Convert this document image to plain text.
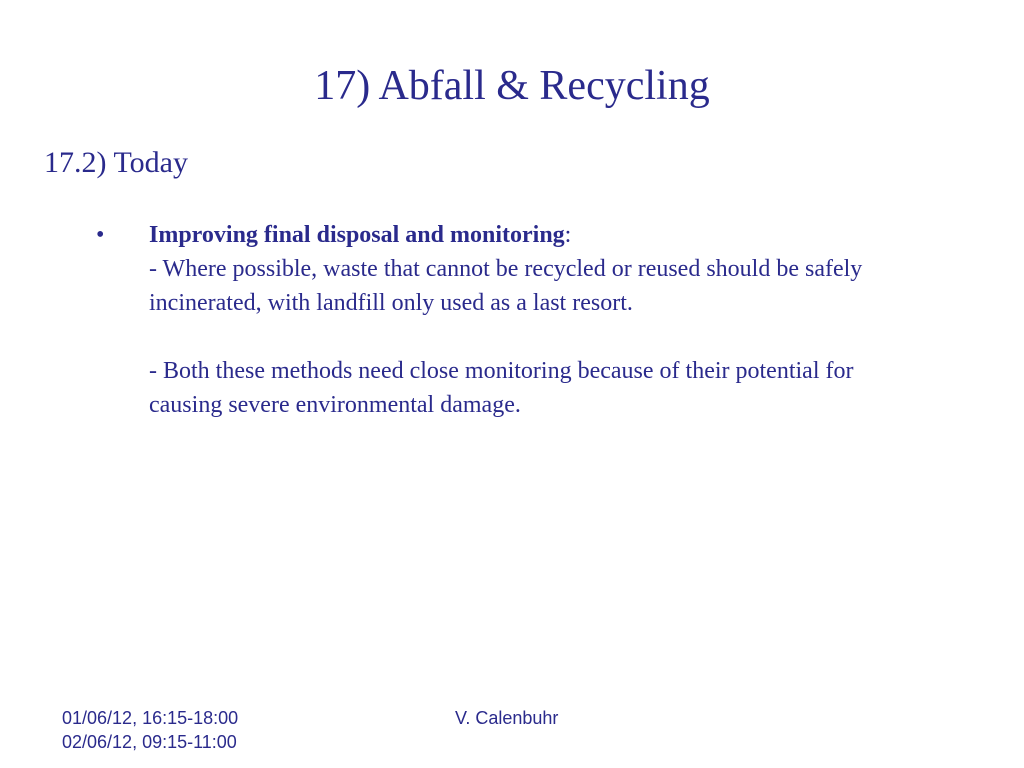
17) Abfall & Recycling
17.2) Today
• Improving final disposal and monitoring:

- Where possible, waste that cannot be recycled or reused should be safely incinerated, with landfill only used as a last resort.

- Both these methods need close monitoring because of their potential for causing severe environmental damage.

01/06/12, 16:15-18:00
02/06/12, 09:15-11:00
V. Calenbuhr
